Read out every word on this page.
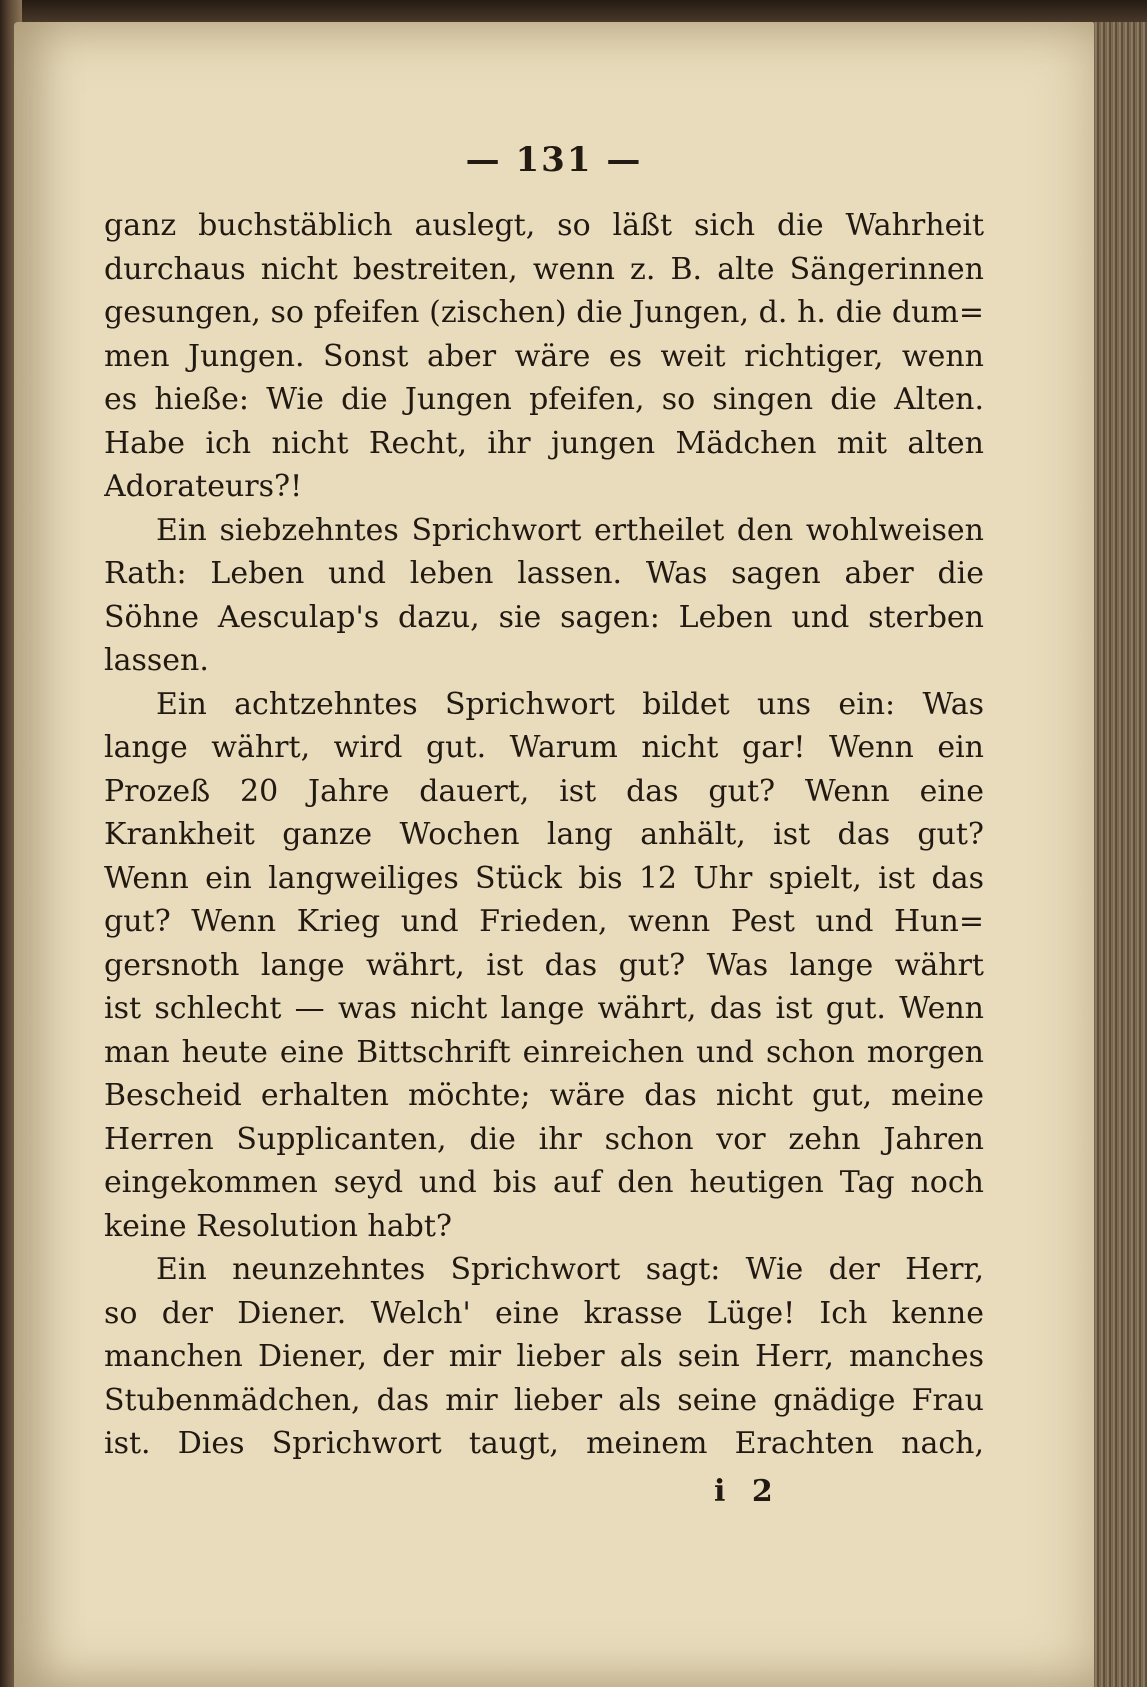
— 131 —
ganz buchstäblich auslegt, so läßt sich die Wahrheit
durchaus nicht bestreiten, wenn z. B. alte Sängerinnen
gesungen, so pfeifen (zischen) die Jungen, d. h. die dum=
men Jungen. Sonst aber wäre es weit richtiger, wenn
es hieße: Wie die Jungen pfeifen, so singen die Alten.
Habe ich nicht Recht, ihr jungen Mädchen mit alten
Adorateurs?!
Ein siebzehntes Sprichwort ertheilet den wohlweisen
Rath: Leben und leben lassen. Was sagen aber die
Söhne Aesculap's dazu, sie sagen: Leben und sterben
lassen.
Ein achtzehntes Sprichwort bildet uns ein: Was
lange währt, wird gut. Warum nicht gar! Wenn ein
Prozeß 20 Jahre dauert, ist das gut? Wenn eine
Krankheit ganze Wochen lang anhält, ist das gut?
Wenn ein langweiliges Stück bis 12 Uhr spielt, ist das
gut? Wenn Krieg und Frieden, wenn Pest und Hun=
gersnoth lange währt, ist das gut? Was lange währt
ist schlecht — was nicht lange währt, das ist gut. Wenn
man heute eine Bittschrift einreichen und schon morgen
Bescheid erhalten möchte; wäre das nicht gut, meine
Herren Supplicanten, die ihr schon vor zehn Jahren
eingekommen seyd und bis auf den heutigen Tag noch
keine Resolution habt?
Ein neunzehntes Sprichwort sagt: Wie der Herr,
so der Diener. Welch' eine krasse Lüge! Ich kenne
manchen Diener, der mir lieber als sein Herr, manches
Stubenmädchen, das mir lieber als seine gnädige Frau
ist. Dies Sprichwort taugt, meinem Erachten nach,
i 2
